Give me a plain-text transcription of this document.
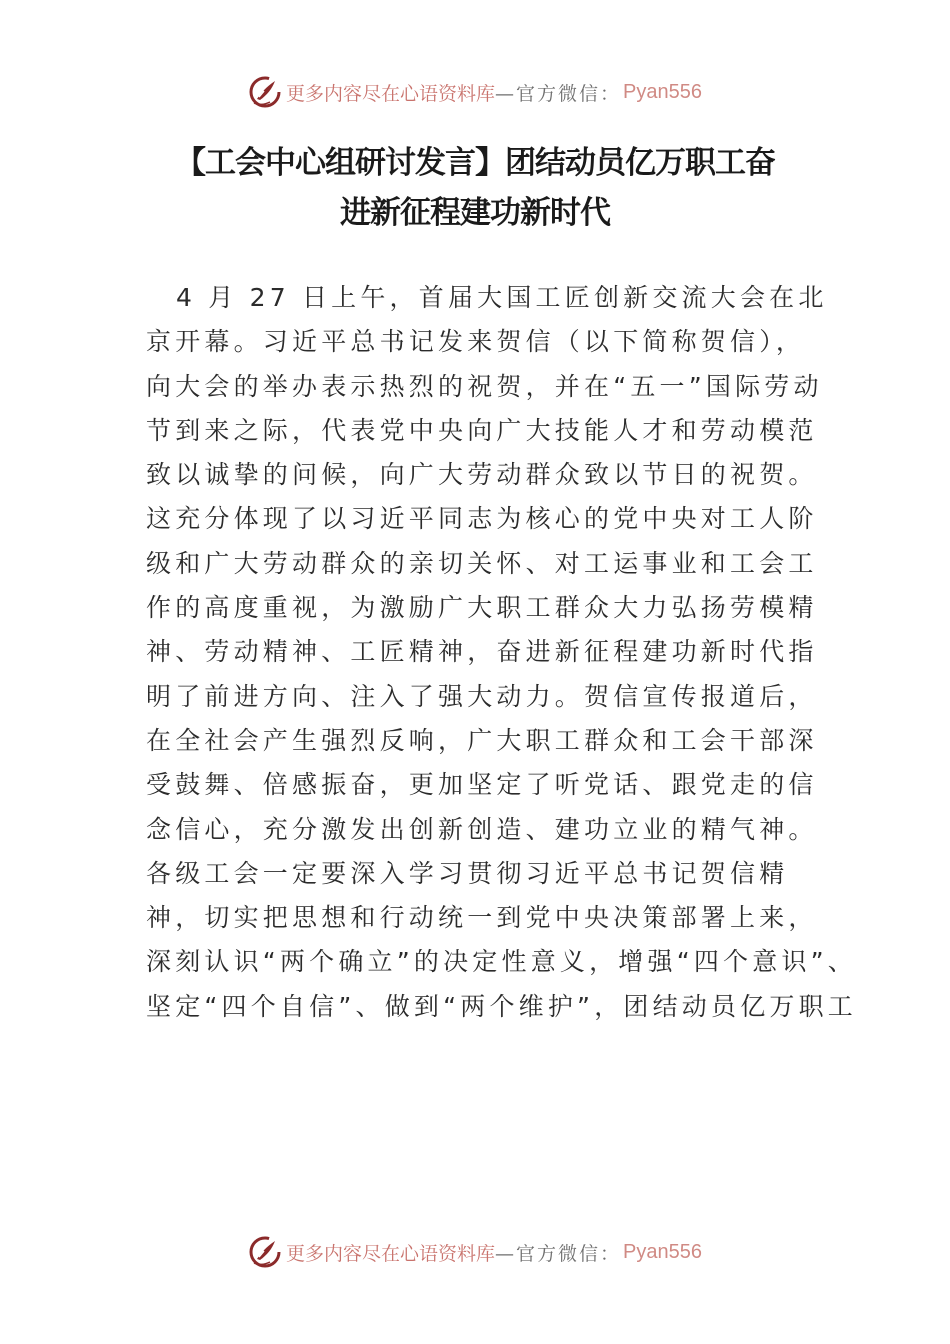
更多内容尽在心语资料库 —官方微信： Pyan556
【工会中心组研讨发言】团结动员亿万职工奋
进新征程建功新时代
4 月 27 日上午，首届大国工匠创新交流大会在北
京开幕。习近平总书记发来贺信（以下简称贺信），
向大会的举办表示热烈的祝贺，并在“五一”国际劳动
节到来之际，代表党中央向广大技能人才和劳动模范
致以诚挚的问候，向广大劳动群众致以节日的祝贺。
这充分体现了以习近平同志为核心的党中央对工人阶
级和广大劳动群众的亲切关怀、对工运事业和工会工
作的高度重视，为激励广大职工群众大力弘扬劳模精
神、劳动精神、工匠精神，奋进新征程建功新时代指
明了前进方向、注入了强大动力。贺信宣传报道后，
在全社会产生强烈反响，广大职工群众和工会干部深
受鼓舞、倍感振奋，更加坚定了听党话、跟党走的信
念信心，充分激发出创新创造、建功立业的精气神。
各级工会一定要深入学习贯彻习近平总书记贺信精
神，切实把思想和行动统一到党中央决策部署上来，
深刻认识“两个确立”的决定性意义，增强“四个意识”、
坚定“四个自信”、做到“两个维护”，团结动员亿万职工
更多内容尽在心语资料库 —官方微信： Pyan556
